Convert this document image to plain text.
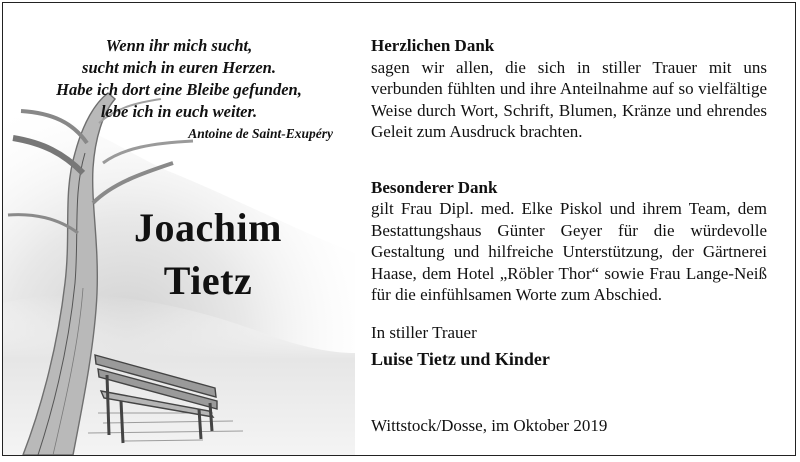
Wenn ihr mich sucht,
sucht mich in euren Herzen.
Habe ich dort eine Bleibe gefunden,
lebe ich in euch weiter.
Antoine de Saint-Exupéry
Joachim
Tietz
Herzlichen Dank

sagen wir allen, die sich in stiller Trauer mit uns verbunden fühlten und ihre Anteilnahme auf so vielfältige Weise durch Wort, Schrift, Blumen, Kränze und ehrendes Geleit zum Ausdruck brachten.

Besonderer Dank

gilt Frau Dipl. med. Elke Piskol und ihrem Team, dem Bestattungshaus Günter Geyer für die würdevolle Gestaltung und hilfreiche Unterstützung, der Gärtnerei Haase, dem Hotel „Röbler Thor“ sowie Frau Lange-Neiß für die einfühlsamen Worte zum Abschied.

In stiller Trauer
Luise Tietz und Kinder
Wittstock/Dosse, im Oktober 2019
